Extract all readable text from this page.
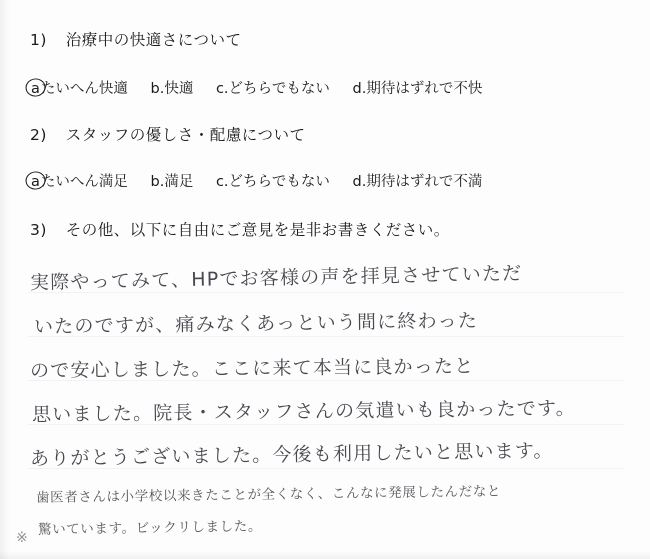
1) 治療中の快適さについて
aたいへん快適 b.快適 c.どちらでもない d.期待はずれで不快
2) スタッフの優しさ・配慮について
aたいへん満足 b.満足 c.どちらでもない d.期待はずれで不満
3) その他、以下に自由にご意見を是非お書きください。
実際やってみて、HPでお客様の声を拝見させていただ
いたのですが、痛みなくあっという間に終わった
ので安心しました。ここに来て本当に良かったと
思いました。院長・スタッフさんの気遣いも良かったです。
ありがとうございました。今後も利用したいと思います。
歯医者さんは小学校以来きたことが全くなく、こんなに発展したんだなと
驚いています。ビックリしました。
※
